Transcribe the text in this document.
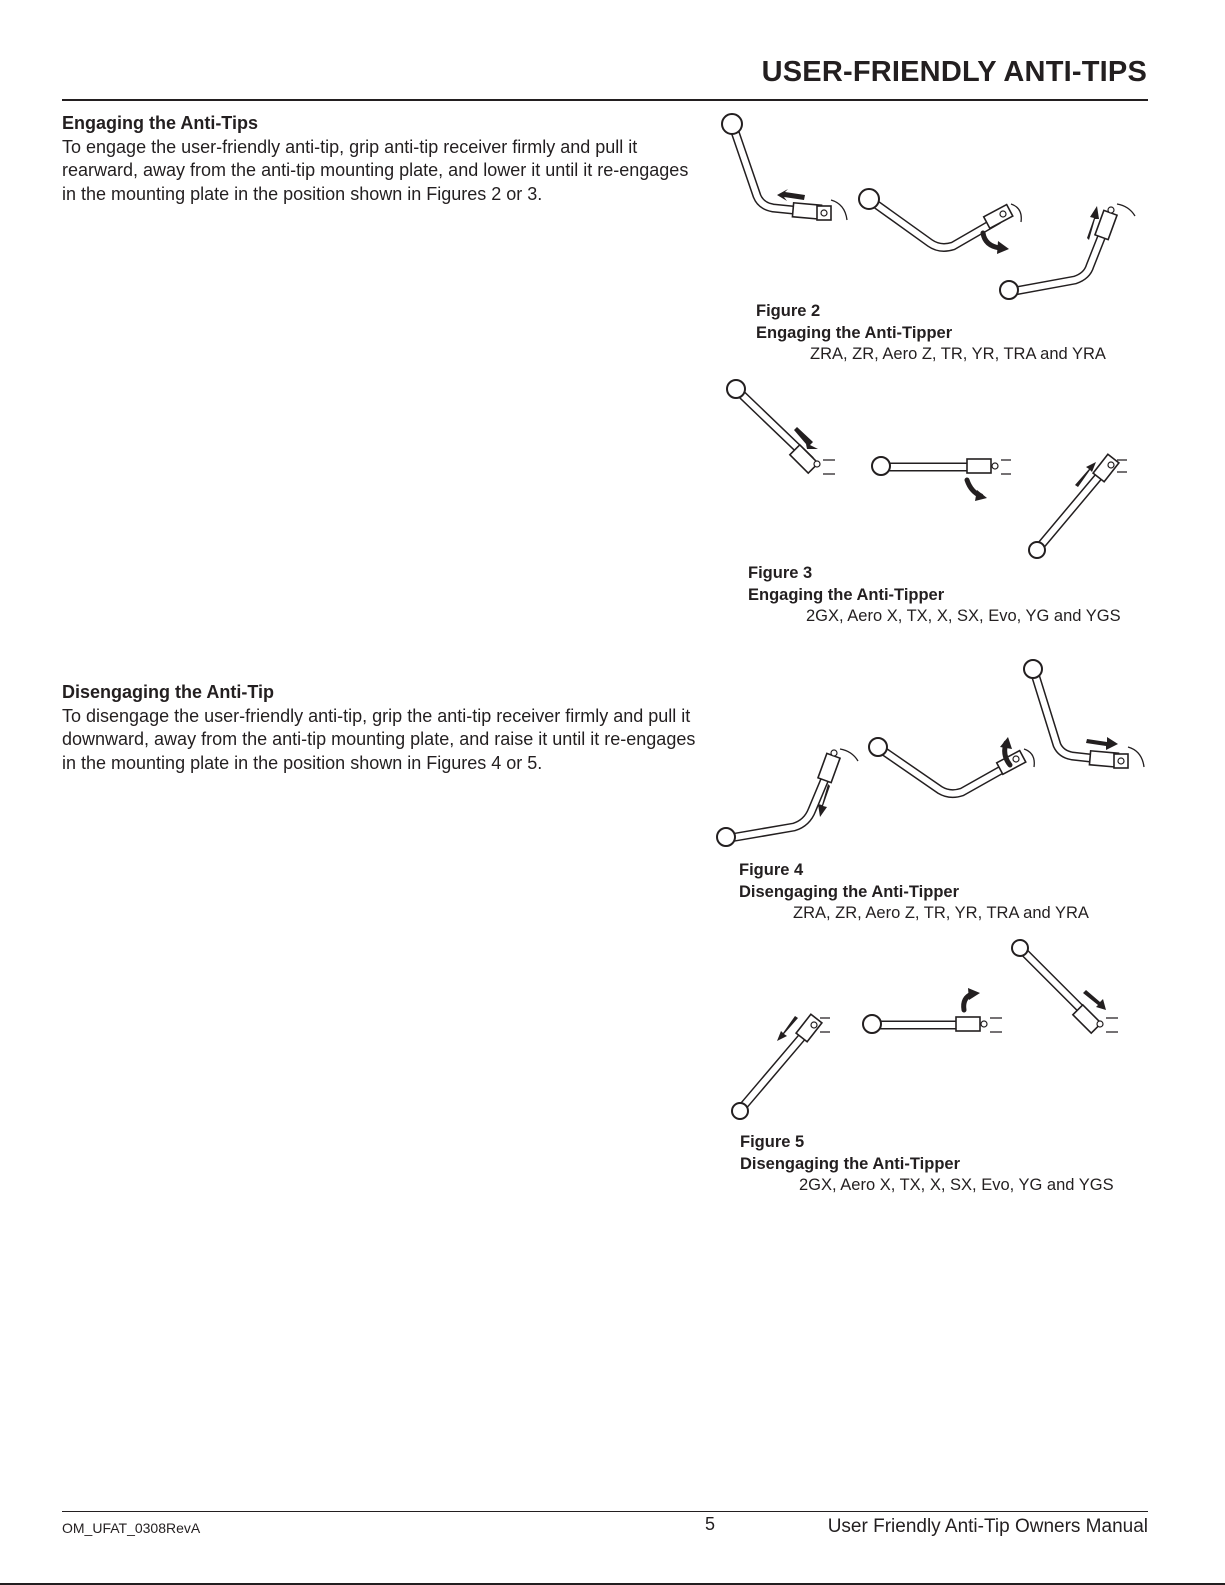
USER-FRIENDLY ANTI-TIPS
Engaging the Anti-Tips

To engage the user-friendly anti-tip, grip anti-tip receiver firmly and pull it rearward, away from the anti-tip mounting plate, and lower it until it re-engages in the mounting plate in the position shown in Figures 2 or 3.

Disengaging the Anti-Tip

To disengage the user-friendly anti-tip, grip the anti-tip receiver firmly and pull it downward, away from the anti-tip mounting plate, and raise it until it re-engages in the mounting plate in the position shown in Figures 4 or 5.

Figure 2
Engaging the Anti-Tipper
ZRA, ZR, Aero Z, TR, YR, TRA and YRA
Figure 3
Engaging the Anti-Tipper
2GX, Aero X, TX, X, SX, Evo, YG and YGS
Figure 4
Disengaging the Anti-Tipper
ZRA, ZR, Aero Z, TR, YR, TRA and YRA
Figure 5
Disengaging the Anti-Tipper
2GX, Aero X, TX, X, SX, Evo, YG and YGS
OM_UFAT_0308RevA	5	User Friendly Anti-Tip Owners Manual
